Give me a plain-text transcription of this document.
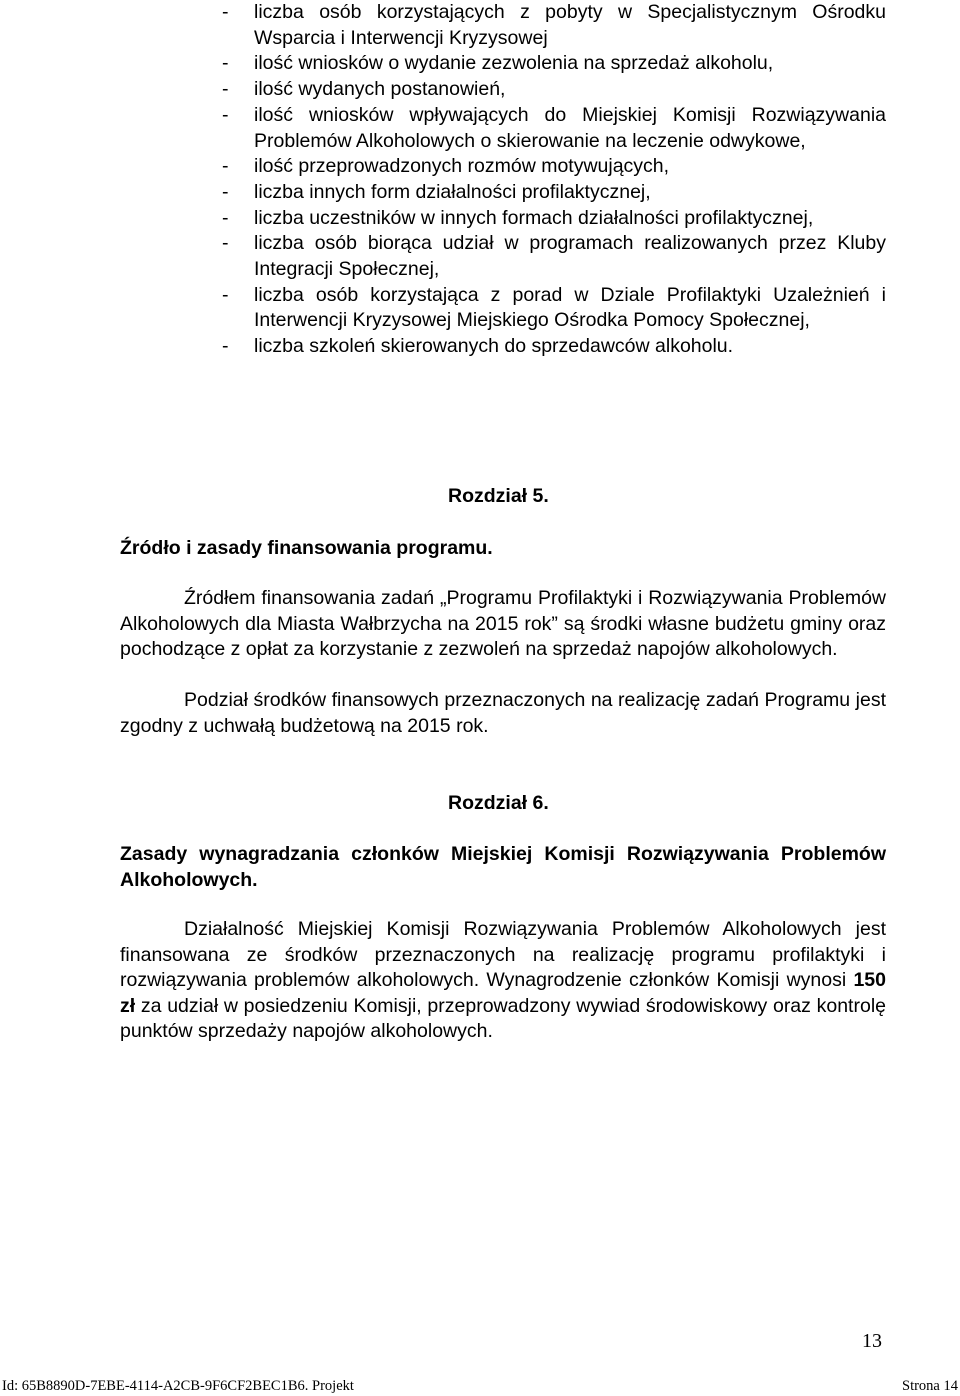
- liczba osób korzystających z pobyty w Specjalistycznym Ośrodku Wsparcia i Interwencji Kryzysowej
- ilość wniosków o wydanie zezwolenia na sprzedaż alkoholu,
- ilość wydanych postanowień,
- ilość wniosków wpływających do Miejskiej Komisji Rozwiązywania Problemów Alkoholowych o skierowanie na leczenie odwykowe,
- ilość przeprowadzonych rozmów motywujących,
- liczba innych form działalności profilaktycznej,
- liczba uczestników w innych formach działalności profilaktycznej,
- liczba osób biorąca udział w programach realizowanych przez Kluby Integracji Społecznej,
- liczba osób korzystająca z porad w Dziale Profilaktyki Uzależnień i Interwencji Kryzysowej Miejskiego Ośrodka Pomocy Społecznej,
- liczba szkoleń skierowanych do sprzedawców alkoholu.
Rozdział 5.
Źródło i zasady finansowania programu.

Źródłem finansowania zadań „Programu Profilaktyki i Rozwiązywania Problemów Alkoholowych dla Miasta Wałbrzycha na 2015 rok” są środki własne budżetu gminy oraz pochodzące z opłat za korzystanie z zezwoleń na sprzedaż napojów alkoholowych.

Podział środków finansowych przeznaczonych na realizację zadań Programu jest zgodny z uchwałą budżetową na 2015 rok.

Rozdział 6.

Zasady wynagradzania członków Miejskiej Komisji Rozwiązywania Problemów Alkoholowych.

Działalność Miejskiej Komisji Rozwiązywania Problemów Alkoholowych jest finansowana ze środków przeznaczonych na realizację programu profilaktyki i rozwiązywania problemów alkoholowych. Wynagrodzenie członków Komisji wynosi 150 zł za udział w posiedzeniu Komisji, przeprowadzony wywiad środowiskowy oraz kontrolę punktów sprzedaży napojów alkoholowych.

13
Id: 65B8890D-7EBE-4114-A2CB-9F6CF2BEC1B6. Projekt	Strona 14
